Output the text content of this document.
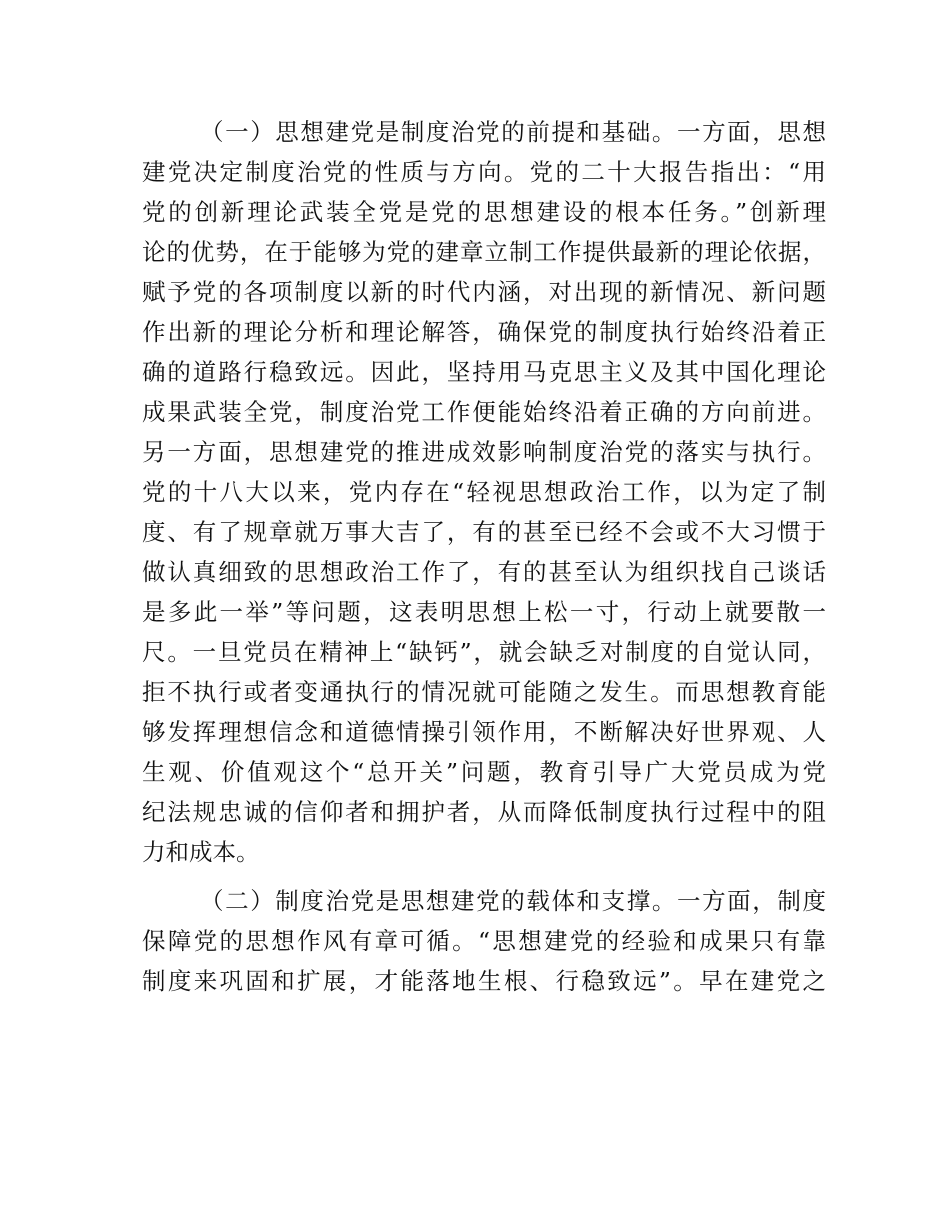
（一）思想建党是制度治党的前提和基础。一方面，思想
建党决定制度治党的性质与方向。党的二十大报告指出：“用
党的创新理论武装全党是党的思想建设的根本任务。”创新理
论的优势，在于能够为党的建章立制工作提供最新的理论依据，
赋予党的各项制度以新的时代内涵，对出现的新情况、新问题
作出新的理论分析和理论解答，确保党的制度执行始终沿着正
确的道路行稳致远。因此，坚持用马克思主义及其中国化理论
成果武装全党，制度治党工作便能始终沿着正确的方向前进。
另一方面，思想建党的推进成效影响制度治党的落实与执行。
党的十八大以来，党内存在“轻视思想政治工作，以为定了制
度、有了规章就万事大吉了，有的甚至已经不会或不大习惯于
做认真细致的思想政治工作了，有的甚至认为组织找自己谈话
是多此一举”等问题，这表明思想上松一寸，行动上就要散一
尺。一旦党员在精神上“缺钙”，就会缺乏对制度的自觉认同，
拒不执行或者变通执行的情况就可能随之发生。而思想教育能
够发挥理想信念和道德情操引领作用，不断解决好世界观、人
生观、价值观这个“总开关”问题，教育引导广大党员成为党
纪法规忠诚的信仰者和拥护者，从而降低制度执行过程中的阻
力和成本。
（二）制度治党是思想建党的载体和支撑。一方面，制度
保障党的思想作风有章可循。“思想建党的经验和成果只有靠
制度来巩固和扩展，才能落地生根、行稳致远”。早在建党之
